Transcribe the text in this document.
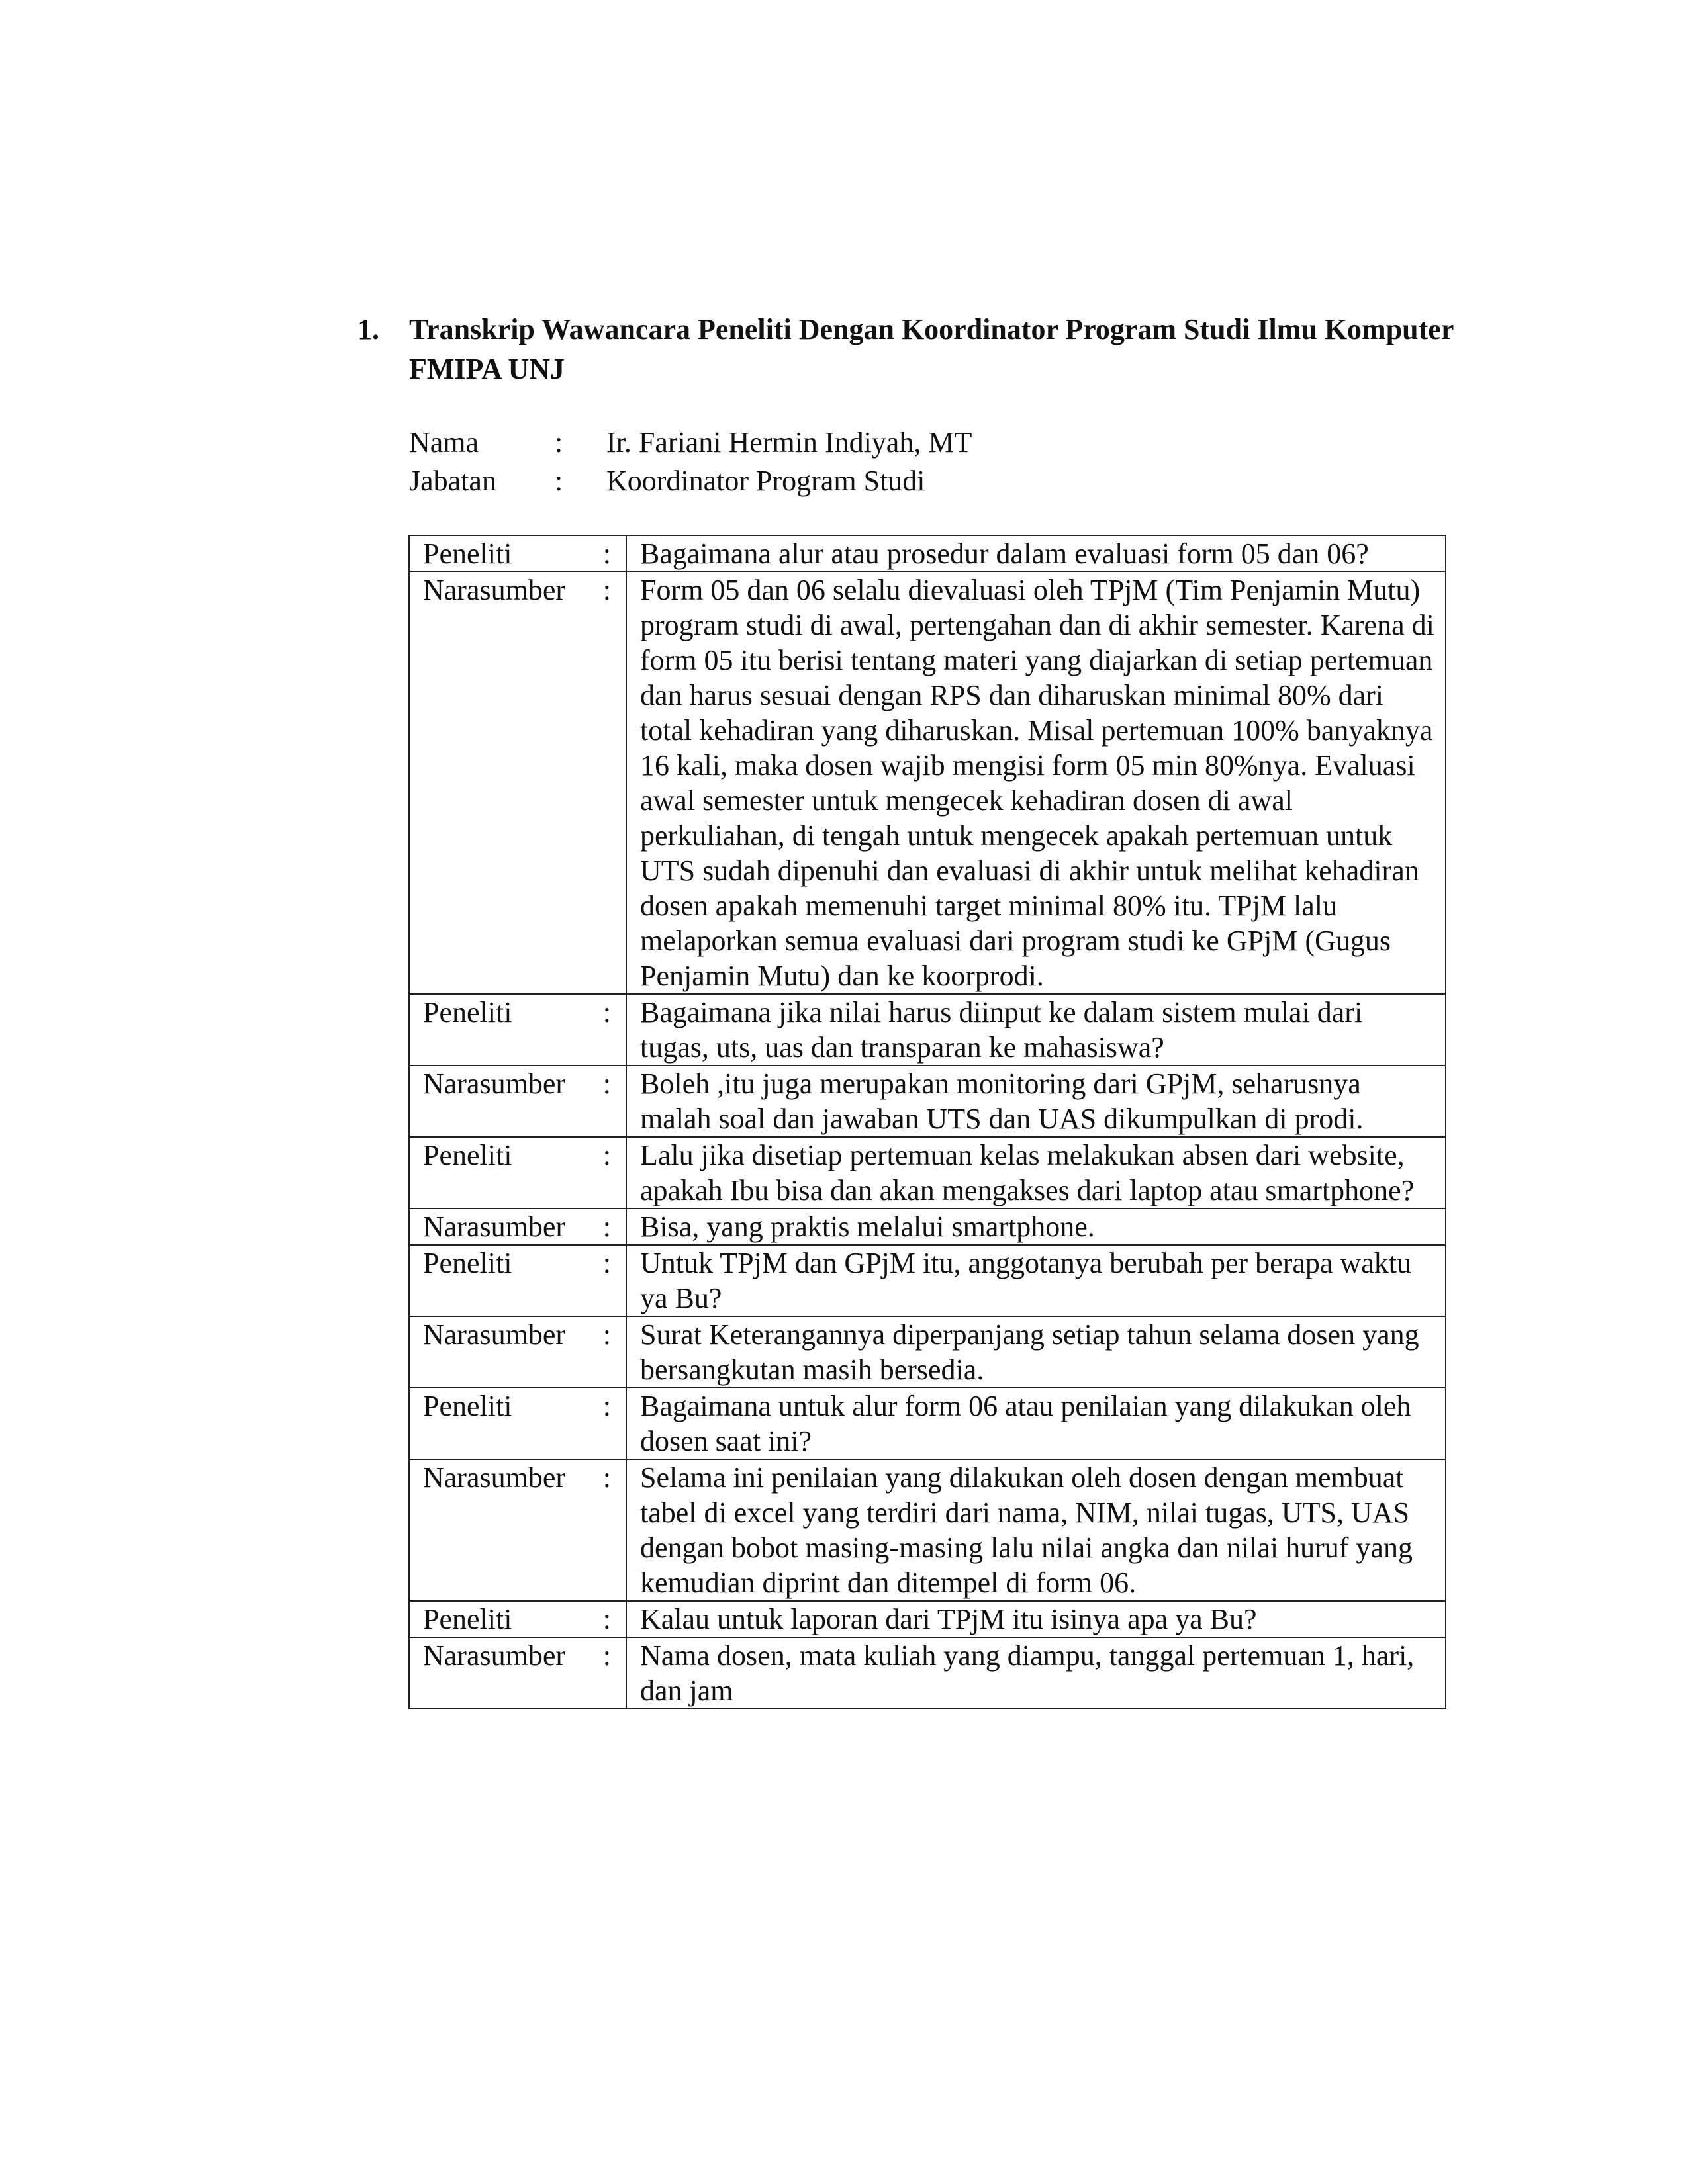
1. Transkrip Wawancara Peneliti Dengan Koordinator Program Studi Ilmu Komputer FMIPA UNJ
Nama	: Ir. Fariani Hermin Indiyah, MT
Jabatan : Koordinator Program Studi
Peneliti :	Bagaimana alur atau prosedur dalam evaluasi form 05 dan 06?
Narasumber :	Form 05 dan 06 selalu dievaluasi oleh TPjM (Tim Penjamin Mutu) program studi di awal, pertengahan dan di akhir semester. Karena di form 05 itu berisi tentang materi yang diajarkan di setiap pertemuan dan harus sesuai dengan RPS dan diharuskan minimal 80% dari total kehadiran yang diharuskan. Misal pertemuan 100% banyaknya 16 kali, maka dosen wajib mengisi form 05 min 80%nya. Evaluasi awal semester untuk mengecek kehadiran dosen di awal perkuliahan, di tengah untuk mengecek apakah pertemuan untuk UTS sudah dipenuhi dan evaluasi di akhir untuk melihat kehadiran dosen apakah memenuhi target minimal 80% itu. TPjM lalu melaporkan semua evaluasi dari program studi ke GPjM (Gugus Penjamin Mutu) dan ke koorprodi.
Peneliti :	Bagaimana jika nilai harus diinput ke dalam sistem mulai dari tugas, uts, uas dan transparan ke mahasiswa?
Narasumber :	Boleh ,itu juga merupakan monitoring dari GPjM, seharusnya malah soal dan jawaban UTS dan UAS dikumpulkan di prodi.
Peneliti :	Lalu jika disetiap pertemuan kelas melakukan absen dari website, apakah Ibu bisa dan akan mengakses dari laptop atau smartphone?
Narasumber :	Bisa, yang praktis melalui smartphone.
Peneliti :	Untuk TPjM dan GPjM itu, anggotanya berubah per berapa waktu ya Bu?
Narasumber :	Surat Keterangannya diperpanjang setiap tahun selama dosen yang bersangkutan masih bersedia.
Peneliti :	Bagaimana untuk alur form 06 atau penilaian yang dilakukan oleh dosen saat ini?
Narasumber :	Selama ini penilaian yang dilakukan oleh dosen dengan membuat tabel di excel yang terdiri dari nama, NIM, nilai tugas, UTS, UAS dengan bobot masing-masing lalu nilai angka dan nilai huruf yang kemudian diprint dan ditempel di form 06.
Peneliti :	Kalau untuk laporan dari TPjM itu isinya apa ya Bu?
Narasumber :	Nama dosen, mata kuliah yang diampu, tanggal pertemuan 1, hari, dan jam
